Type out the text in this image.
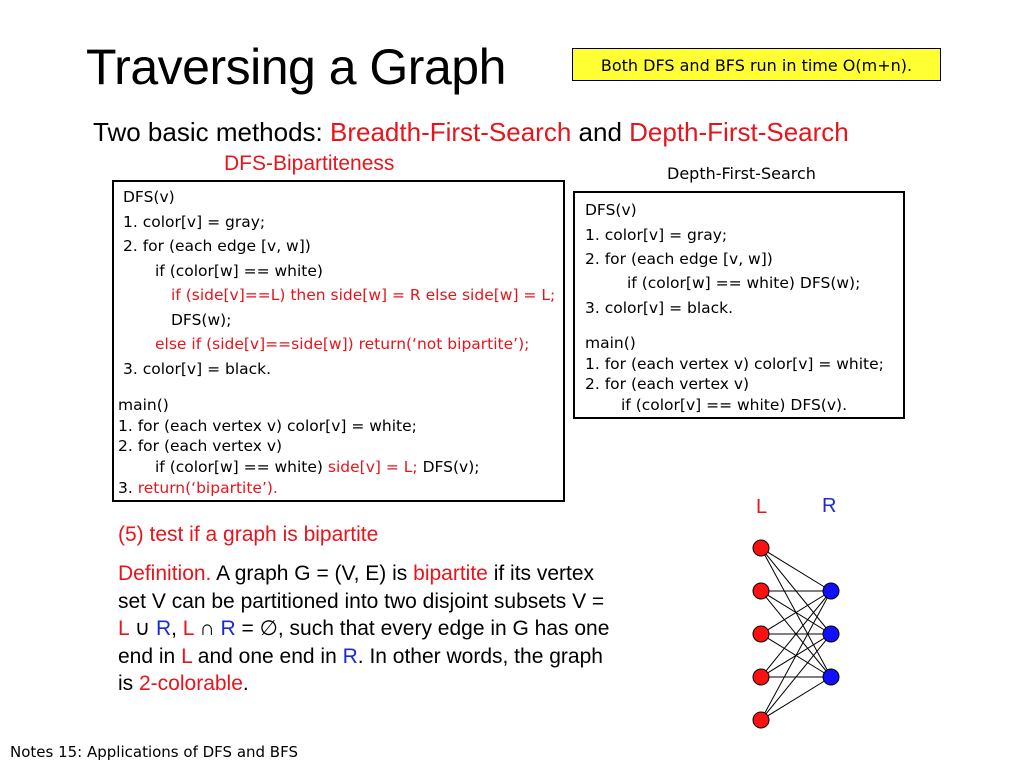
Traversing a Graph	Both DFS and BFS run in time O(m+n).
Two basic methods: Breadth-First-Search and Depth-First-Search
DFS-Bipartiteness	Depth-First-Search
DFS(v)
1. color[v] = gray;
2. for (each edge [v, w])
if (color[w] == white)
if (side[v]==L) then side[w] = R else side[w] = L;
DFS(w);
else if (side[v]==side[w]) return(‘not bipartite’);
3. color[v] = black.
main()
1. for (each vertex v) color[v] = white;
2. for (each vertex v)
if (color[w] == white) side[v] = L; DFS(v);
3. return(‘bipartite’).
DFS(v)
1. color[v] = gray;
2. for (each edge [v, w])
if (color[w] == white) DFS(w);
3. color[v] = black.
main()
1. for (each vertex v) color[v] = white;
2. for (each vertex v)
if (color[v] == white) DFS(v).
(5) test if a graph is bipartite
Definition. A graph G = (V, E) is bipartite if its vertex set V can be partitioned into two disjoint subsets V = L ∪ R, L ∩ R = ∅, such that every edge in G has one end in L and one end in R. In other words, the graph is 2-colorable.
L	R
Notes 15: Applications of DFS and BFS
